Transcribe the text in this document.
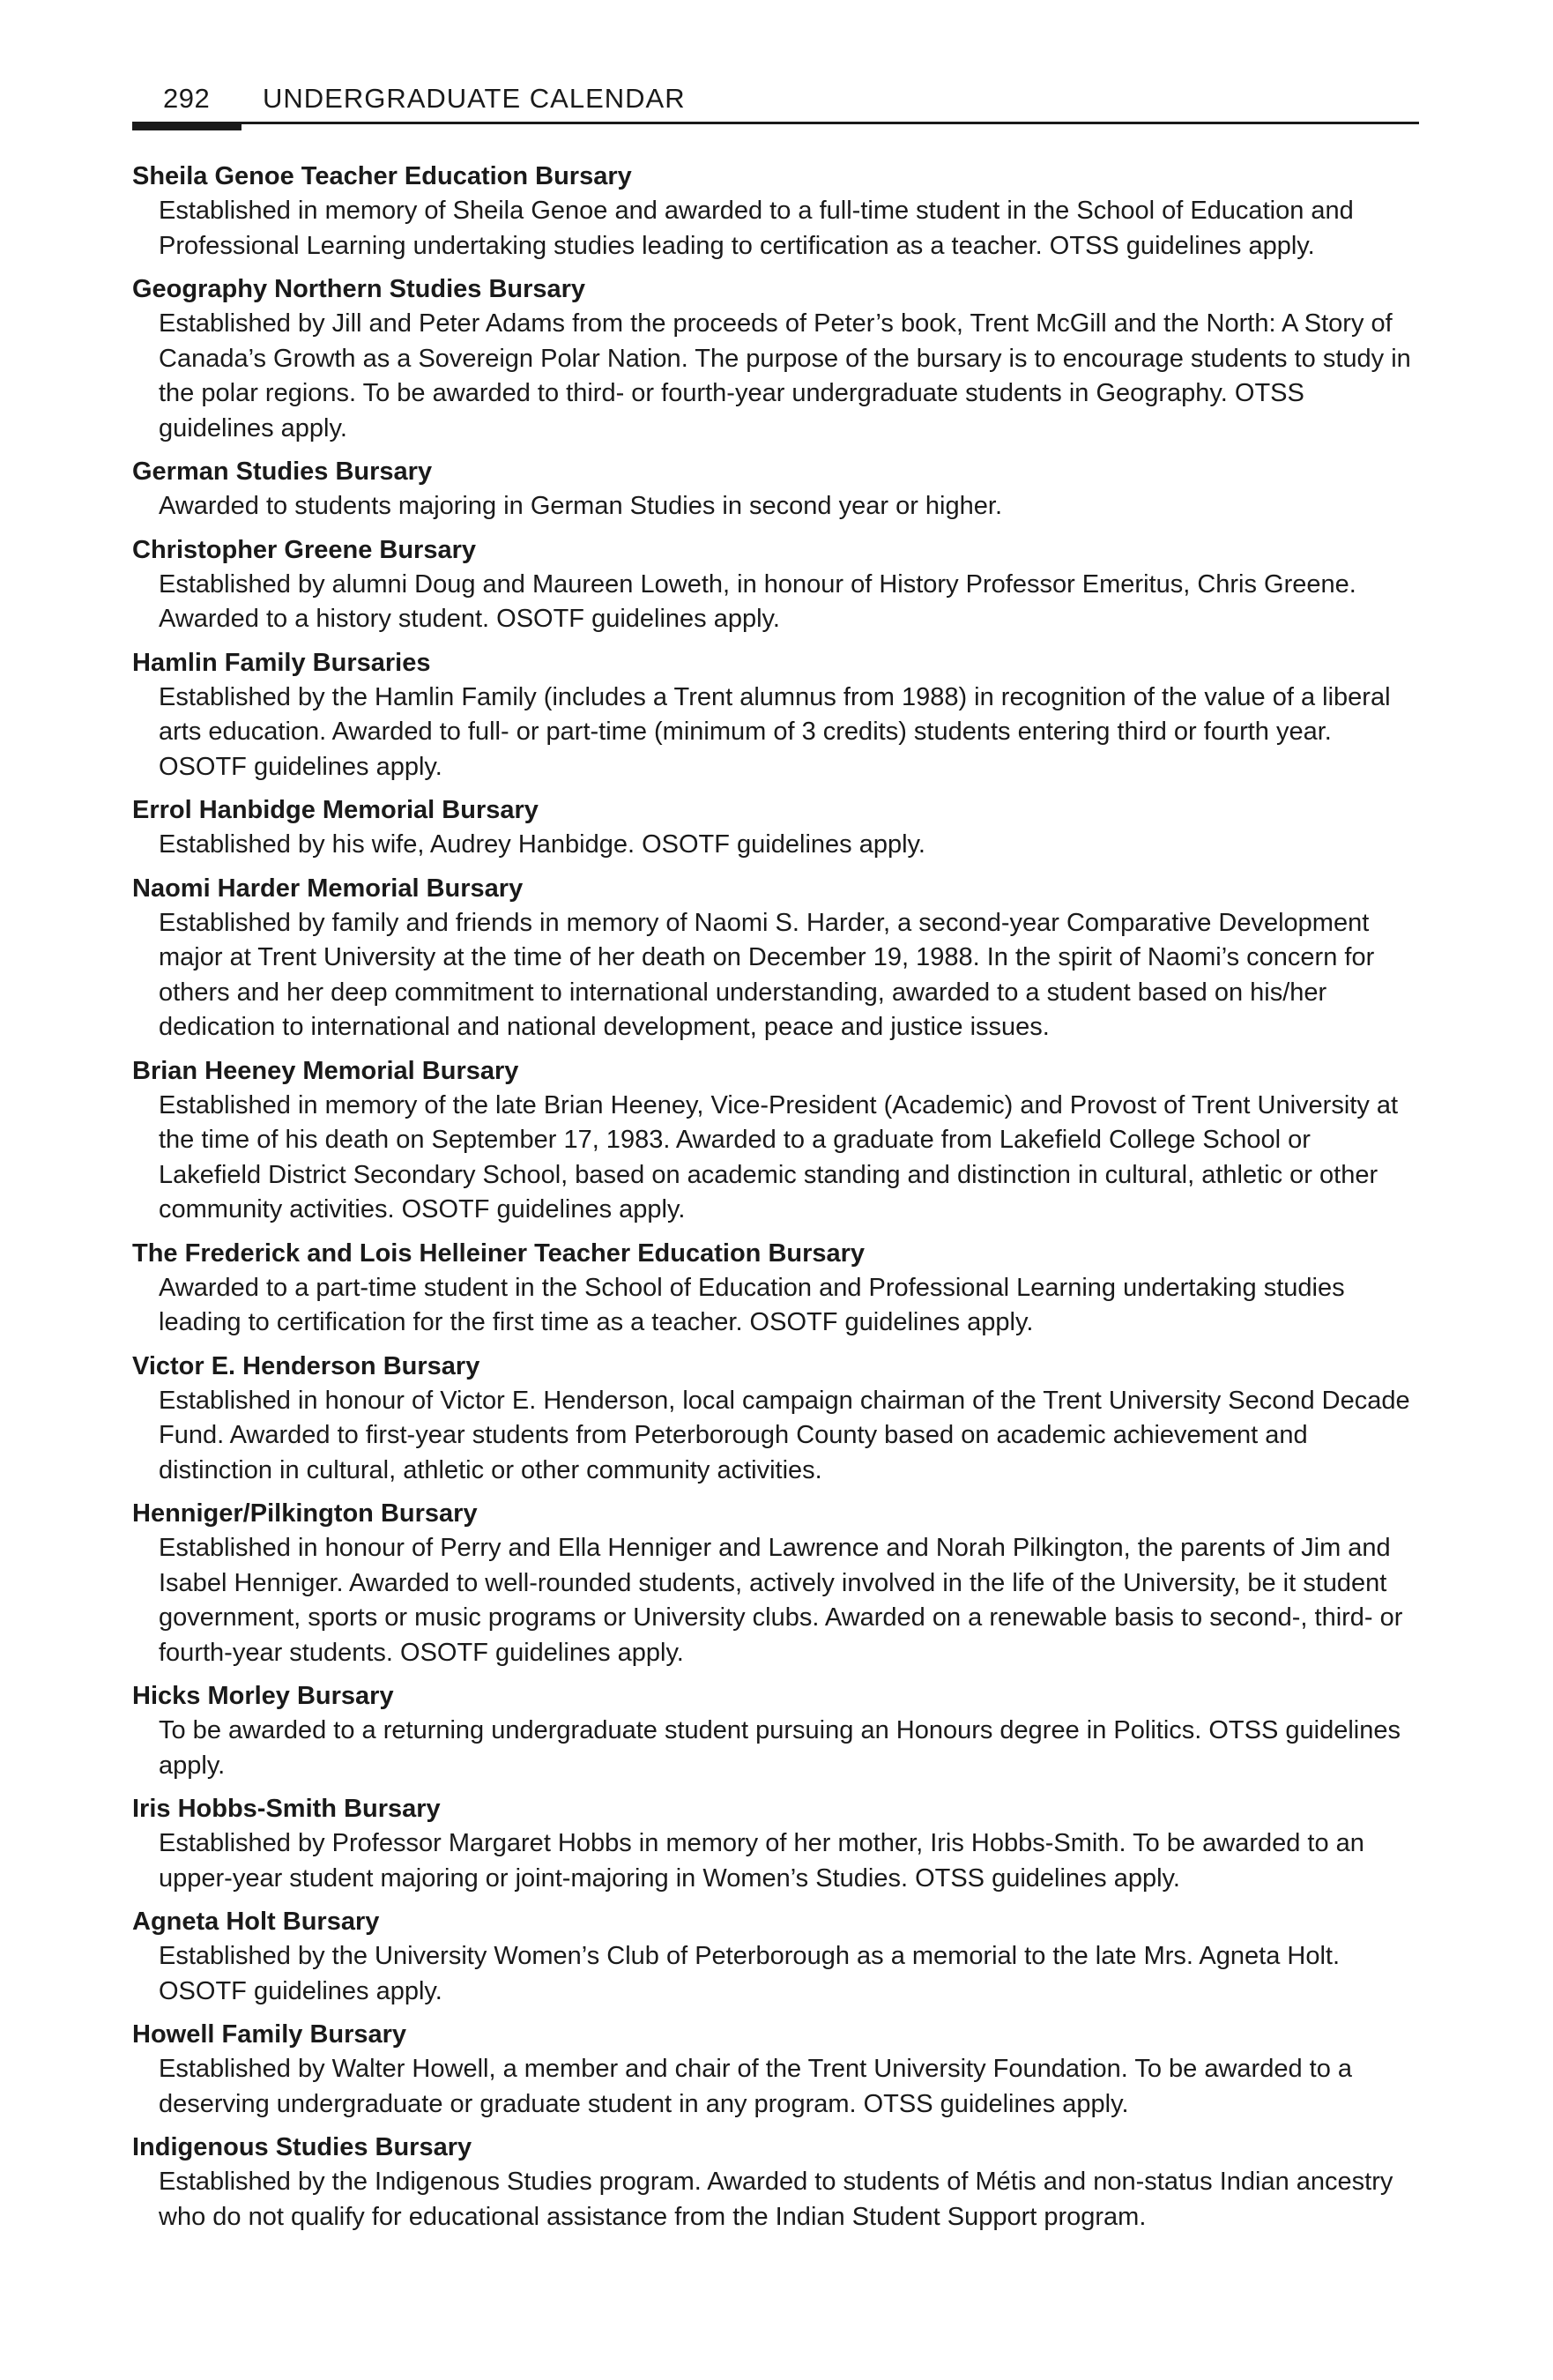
292 UNDERGRADUATE CALENDAR
Sheila Genoe Teacher Education Bursary
Established in memory of Sheila Genoe and awarded to a full-time student in the School of Education and Professional Learning undertaking studies leading to certification as a teacher. OTSS guidelines apply.
Geography Northern Studies Bursary
Established by Jill and Peter Adams from the proceeds of Peter’s book, Trent McGill and the North: A Story of Canada’s Growth as a Sovereign Polar Nation. The purpose of the bursary is to encourage students to study in the polar regions. To be awarded to third- or fourth-year undergraduate students in Geography. OTSS guidelines apply.
German Studies Bursary
Awarded to students majoring in German Studies in second year or higher.
Christopher Greene Bursary
Established by alumni Doug and Maureen Loweth, in honour of History Professor Emeritus, Chris Greene. Awarded to a history student. OSOTF guidelines apply.
Hamlin Family Bursaries
Established by the Hamlin Family (includes a Trent alumnus from 1988) in recognition of the value of a liberal arts education. Awarded to full- or part-time (minimum of 3 credits) students entering third or fourth year. OSOTF guidelines apply.
Errol Hanbidge Memorial Bursary
Established by his wife, Audrey Hanbidge. OSOTF guidelines apply.
Naomi Harder Memorial Bursary
Established by family and friends in memory of Naomi S. Harder, a second-year Comparative Development major at Trent University at the time of her death on December 19, 1988. In the spirit of Naomi’s concern for others and her deep commitment to international understanding, awarded to a student based on his/her dedication to international and national development, peace and justice issues.
Brian Heeney Memorial Bursary
Established in memory of the late Brian Heeney, Vice-President (Academic) and Provost of Trent University at the time of his death on September 17, 1983. Awarded to a graduate from Lakefield College School or Lakefield District Secondary School, based on academic standing and distinction in cultural, athletic or other community activities. OSOTF guidelines apply.
The Frederick and Lois Helleiner Teacher Education Bursary
Awarded to a part-time student in the School of Education and Professional Learning undertaking studies leading to certification for the first time as a teacher. OSOTF guidelines apply.
Victor E. Henderson Bursary
Established in honour of Victor E. Henderson, local campaign chairman of the Trent University Second Decade Fund. Awarded to first-year students from Peterborough County based on academic achievement and distinction in cultural, athletic or other community activities.
Henniger/Pilkington Bursary
Established in honour of Perry and Ella Henniger and Lawrence and Norah Pilkington, the parents of Jim and Isabel Henniger. Awarded to well-rounded students, actively involved in the life of the University, be it student government, sports or music programs or University clubs. Awarded on a renewable basis to second-, third- or fourth-year students. OSOTF guidelines apply.
Hicks Morley Bursary
To be awarded to a returning undergraduate student pursuing an Honours degree in Politics. OTSS guidelines apply.
Iris Hobbs-Smith Bursary
Established by Professor Margaret Hobbs in memory of her mother, Iris Hobbs-Smith. To be awarded to an upper-year student majoring or joint-majoring in Women’s Studies. OTSS guidelines apply.
Agneta Holt Bursary
Established by the University Women’s Club of Peterborough as a memorial to the late Mrs. Agneta Holt. OSOTF guidelines apply.
Howell Family Bursary
Established by Walter Howell, a member and chair of the Trent University Foundation. To be awarded to a deserving undergraduate or graduate student in any program. OTSS guidelines apply.
Indigenous Studies Bursary
Established by the Indigenous Studies program. Awarded to students of Métis and non-status Indian ancestry who do not qualify for educational assistance from the Indian Student Support program.
